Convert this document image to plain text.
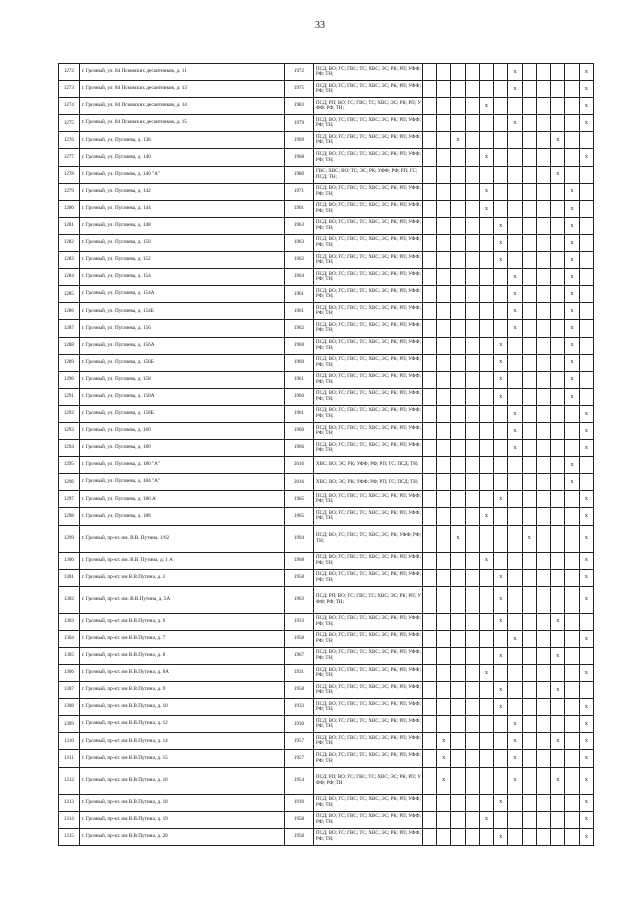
33
1272	г. Грозный, ул. 84 Псковских десантников, д. 11	1972	ПСД; ВО; ГС; ГВС; ТС; ХВС; ЭС; РК; РП; УФФ; РФ; ТН;							х					х
1273	г. Грозный, ул. 84 Псковских десантников, д. 13	1975	ПСД; ВО; ГС; ГВС; ТС; ХВС; ЭС; РК; РП; УФФ; РФ; ТН;							х					х
1274	г. Грозный, ул. 84 Псковских десантников, д. 14	1983	ПСД; РП; ВО; ГС; ГВС; ТС; ХВС; ЭС; РК; РП; УФФ; РФ; ТН;					х							х
1275	г. Грозный, ул. 84 Псковских десантников, д. 15	1979	ПСД; ВО; ГС; ГВС; ТС; ХВС; ЭС; РК; РП; УФФ; РФ; ТН;							х					х
1276	г. Грозный, ул. Пугачева, д. 138	1969	ПСД; ВО; ГС; ГВС; ТС; ХВС; ЭС; РК; РП; УФФ; РФ; ТН;			х							х		
1277	г. Грозный, ул. Пугачева, д. 140	1968	ПСД; ВО; ГС; ГВС; ТС; ХВС; ЭС; РК; РП; УФФ; РФ; ТН;					х							х
1278	г. Грозный, ул. Пугачева, д. 140 "А"	1980	ГВС; ХВС; ВО; ТС; ЭС; РК; УФФ; РФ; РП; ГС; ПСД; ТН;										х		
1279	г. Грозный, ул. Пугачева, д. 142	1971	ПСД; ВО; ГС; ГВС; ТС; ХВС; ЭС; РК; РП; УФФ; РФ; ТН;					х						х	
1280	г. Грозный, ул. Пугачева, д. 144	1961	ПСД; ВО; ГС; ГВС; ТС; ХВС; ЭС; РК; РП; УФФ; РФ; ТН;					х						х	
1281	г. Грозный, ул. Пугачева, д. 148	1963	ПСД; ВО; ГС; ГВС; ТС; ХВС; ЭС; РК; РП; УФФ; РФ; ТН;						х					х	
1282	г. Грозный, ул. Пугачева, д. 150	1963	ПСД; ВО; ГС; ГВС; ТС; ХВС; ЭС; РК; РП; УФФ; РФ; ТН;						х					х	
1283	г. Грозный, ул. Пугачева, д. 152	1962	ПСД; ВО; ГС; ГВС; ТС; ХВС; ЭС; РК; РП; УФФ; РФ; ТН;						х					х	
1284	г. Грозный, ул. Пугачева, д. 154	1964	ПСД; ВО; ГС; ГВС; ТС; ХВС; ЭС; РК; РП; УФФ; РФ; ТН;							х				х	
1285	г. Грозный, ул. Пугачева, д. 154А	1961	ПСД; ВО; ГС; ГВС; ТС; ХВС; ЭС; РК; РП; УФФ; РФ; ТН;							х				х	
1286	г. Грозный, ул. Пугачева, д. 154Б	1961	ПСД; ВО; ГС; ГВС; ТС; ХВС; ЭС; РК; РП; УФФ; РФ; ТН;							х				х	
1287	г. Грозный, ул. Пугачева, д. 156	1962	ПСД; ВО; ГС; ГВС; ТС; ХВС; ЭС; РК; РП; УФФ; РФ; ТН;							х				х	
1288	г. Грозный, ул. Пугачева, д. 156А	1960	ПСД; ВО; ГС; ГВС; ТС; ХВС; ЭС; РК; РП; УФФ; РФ; ТН;						х					х	
1289	г. Грозный, ул. Пугачева, д. 156Б	1960	ПСД; ВО; ГС; ГВС; ТС; ХВС; ЭС; РК; РП; УФФ; РФ; ТН;						х					х	
1290	г. Грозный, ул. Пугачева, д. 158	1961	ПСД; ВО; ГС; ГВС; ТС; ХВС; ЭС; РК; РП; УФФ; РФ; ТН;						х					х	
1291	г. Грозный, ул. Пугачева, д. 158А	1960	ПСД; ВО; ГС; ГВС; ТС; ХВС; ЭС; РК; РП; УФФ; РФ; ТН;						х					х	
1292	г. Грозный, ул. Пугачева, д. 158Б	1961	ПСД; ВО; ГС; ГВС; ТС; ХВС; ЭС; РК; РП; УФФ; РФ; ТН;							х					х
1293	г. Грозный, ул. Пугачева, д. 160	1960	ПСД; ВО; ГС; ГВС; ТС; ХВС; ЭС; РК; РП; УФФ; РФ; ТН;							х					х
1294	г. Грозный, ул. Пугачева, д. 180	1966	ПСД; ВО; ГС; ГВС; ТС; ХВС; ЭС; РК; РП; УФФ; РФ; ТН;							х					х
1295	г. Грозный, ул. Пугачева, д. 180 "А"	2016	ХВС; ВО; ЭС; РК; УФФ; РФ; РП; ГС; ПСД; ТН;											х	
1296	г. Грозный, ул. Пугачева, д. 184 "А"	2016	ХВС; ВО; ЭС; РК; УФФ; РФ; РП; ГС; ПСД; ТН;											х	
1297	г. Грозный, ул. Пугачева, д. 186 А	1965	ПСД; ВО; ГС; ГВС; ТС; ХВС; ЭС; РК; РП; УФФ; РФ; ТН;						х						х
1298	г. Грозный, ул. Пугачева, д. 188	1965	ПСД; ВО; ГС; ГВС; ТС; ХВС; ЭС; РК; РП; УФФ; РФ; ТН;					х							х
1299	г. Грозный, пр-кт. им. В.В. Путина, 1/62	1994	ПСД; ВО; ГС; ГВС; ТС; ХВС; ЭС; РК; УФФ; РФ; ТН;			х					х				х
1300	г. Грозный, пр-кт. им. В.В. Путина, д. 1 А	1968	ПСД; ВО; ГС; ГВС; ТС; ХВС; ЭС; РК; РП; УФФ; РФ; ТН;					х							х
1301	г. Грозный, пр-кт. им В.В.Путина, д. 2	1958	ПСД; ВО; ГС; ГВС; ТС; ХВС; ЭС; РК; РП; УФФ; РФ; ТН;						х						х
1302	г. Грозный, пр-кт. им. В.В.Путина, д. 5А	1963	ПСД; РП; ВО; ГС; ГВС; ТС; ХВС; ЭС; РК; РП; УФФ; РФ; ТН;						х						х
1303	г. Грозный, пр-кт. им В.В.Путина, д. 6	1933	ПСД; ВО; ГС; ГВС; ТС; ХВС; ЭС; РК; РП; УФФ; РФ; ТН;						х				х		
1304	г. Грозный, пр-кт. им В.В.Путина, д. 7	1958	ПСД; ВО; ГС; ГВС; ТС; ХВС; ЭС; РК; РП; УФФ; РФ; ТН;							х					х
1305	г. Грозный, пр-кт. им В.В.Путина, д. 8	1967	ПСД; ВО; ГС; ГВС; ТС; ХВС; ЭС; РК; РП; УФФ; РФ; ТН;						х				х		
1306	г. Грозный, пр-кт. им В.В.Путина, д. 8А	1931	ПСД; ВО; ГС; ГВС; ТС; ХВС; ЭС; РК; РП; УФФ; РФ; ТН;					х							х
1307	г. Грозный, пр-кт. им В.В.Путина, д. 9	1958	ПСД; ВО; ГС; ГВС; ТС; ХВС; ЭС; РК; РП; УФФ; РФ; ТН;						х				х		
1308	г. Грозный, пр-кт. им В.В.Путина, д. 10	1933	ПСД; ВО; ГС; ГВС; ТС; ХВС; ЭС; РК; РП; УФФ; РФ; ТН;						х						х
1309	г. Грозный, пр-кт. им В.В.Путина, д. 12	1930	ПСД; ВО; ГС; ГВС; ТС; ХВС; ЭС; РК; РП; УФФ; РФ; ТН;							х					х
1310	г. Грозный, пр-кт. им В.В.Путина, д. 14	1957	ПСД; ВО; ГС; ГВС; ТС; ХВС; ЭС; РК; РП; УФФ; РФ; ТН;		х					х			х		х
1311	г. Грозный, пр-кт. им В.В.Путина, д. 15	1957	ПСД; ВО; ГС; ГВС; ТС; ХВС; ЭС; РК; РП; УФФ; РФ; ТН;		х					х					х
1312	г. Грозный, пр-кт. им В.В.Путина, д. 16	1954	ПСД; РП; ВО; ГС; ГВС; ТС; ХВС; ЭС; РК; РП; УФФ; РФ; ТН		х					х			х		х
1313	г. Грозный, пр-кт. им В.В.Путина, д. 18	1910	ПСД; ВО; ГС; ГВС; ТС; ХВС; ЭС; РК; РП; УФФ; РФ; ТН;						х						х
1314	г. Грозный, пр-кт. им В.В.Путина, д. 19	1958	ПСД; ВО; ГС; ГВС; ТС; ХВС; ЭС; РК; РП; УФФ; РФ; ТН;					х							х
1315	г. Грозный, пр-кт. им В.В.Путина, д. 20	1958	ПСД; ВО; ГС; ГВС; ТС; ХВС; ЭС; РК; РП; УФФ; РФ; ТН;						х						х
